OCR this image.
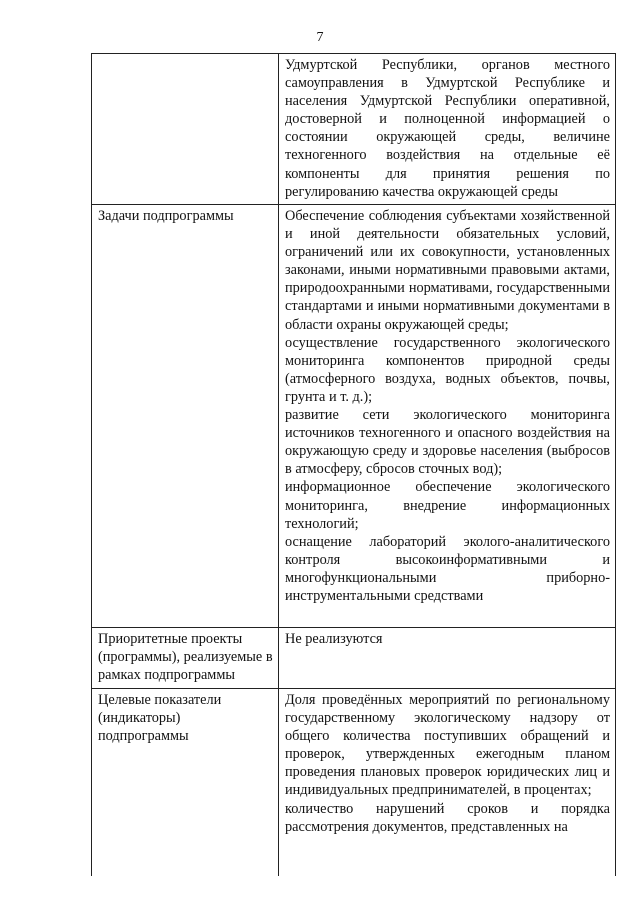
7

	Удмуртской Республики, органов местного самоуправления в Удмуртской Республике и населения Удмуртской Республики оперативной, достоверной и полноценной информацией о состоянии окружающей среды, величине техногенного воздействия на отдельные её компоненты для принятия решения по регулированию качества окружающей среды

Задачи подпрограммы	Обеспечение соблюдения субъектами хозяйственной и иной деятельности обязательных условий, ограничений или их совокупности, установленных законами, иными нормативными правовыми актами, природоохранными нормативами, государственными стандартами и иными нормативными документами в области охраны окружающей среды;

осуществление государственного экологического мониторинга компонентов природной среды (атмосферного воздуха, водных объектов, почвы, грунта и т. д.);

развитие сети экологического мониторинга источников техногенного и опасного воздействия на окружающую среду и здоровье населения (выбросов в атмосферу, сбросов сточных вод);

информационное обеспечение экологического мониторинга, внедрение информационных технологий;

оснащение лабораторий эколого-аналитического контроля высокоинформативными и многофункциональными приборно-инструментальными средствами

Приоритетные проекты (программы), реализуемые в рамках подпрограммы	Не реализуются

Целевые показатели (индикаторы) подпрограммы	Доля проведённых мероприятий по региональному государственному экологическому надзору от общего количества поступивших обращений и проверок, утвержденных ежегодным планом проведения плановых проверок юридических лиц и индивидуальных предпринимателей, в процентах;

количество нарушений сроков и порядка рассмотрения документов, представленных на
